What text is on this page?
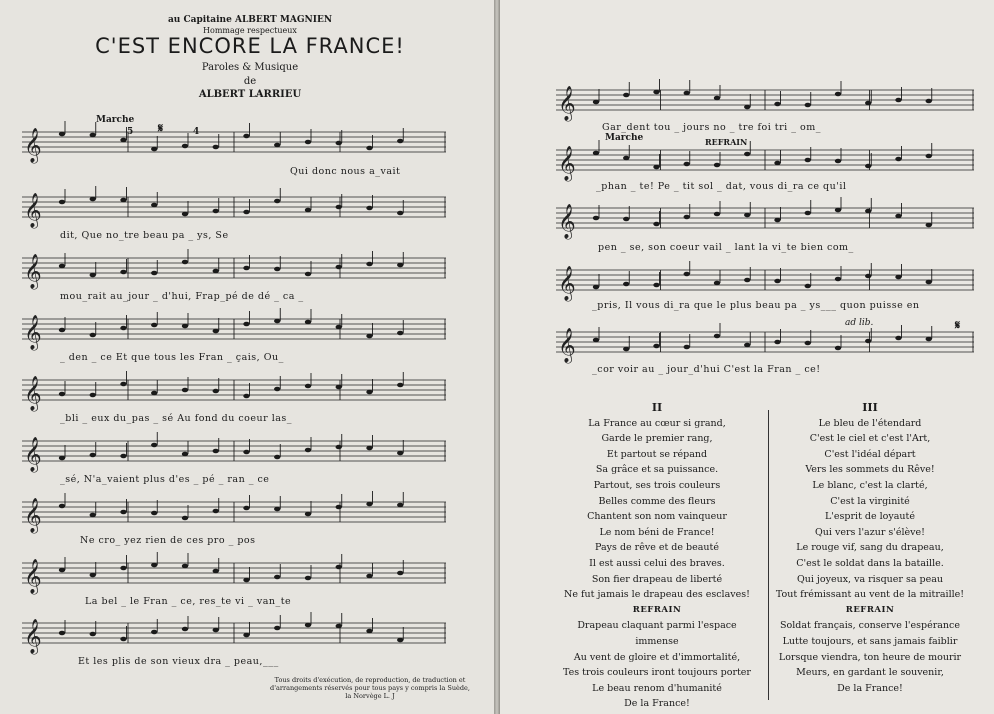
au Capitaine ALBERT MAGNIEN
Hommage respectueux
C'EST ENCORE LA FRANCE!
Paroles & Musique
de
ALBERT LARRIEU
Marche
5 𝄋	4
Qui donc nous a_vait
dit, Que no_tre beau pa _ ys, Se
mou_rait au_jour _ d'hui, Frap_pé de dé _ ca _
_ den _ ce Et que tous les Fran _ çais, Ou_
_bli _ eux du_pas _ sé Au fond du coeur las_
_sé, N'a_vaient plus d'es _ pé _ ran _ ce
Ne cro_ yez rien de ces pro _ pos
La bel _ le Fran _ ce, res_te vi _ van_te
Et les plis de son vieux dra _ peau,___
Tous droits d'exécution, de reproduction, de traduction et d'arrangements réservés pour tous pays y compris la Suède, la Norvège L. J
Marche	REFRAIN
ad lib.	𝄋
Gar_dent tou _ jours no _ tre foi tri _ om_
_phan _ te! Pe _ tit sol _ dat, vous di_ra ce qu'il
pen _ se, son coeur vail _ lant la vi_te bien com_
_pris, Il vous di_ra que le plus beau pa _ ys___ quon puisse en
_cor voir au _ jour_d'hui C'est la Fran _ ce!
II
La France au cœur si grand,
Garde le premier rang,
Et partout se répand
Sa grâce et sa puissance.
Partout, ses trois couleurs
Belles comme des fleurs
Chantent son nom vainqueur
Le nom béni de France!
Pays de rêve et de beauté
Il est aussi celui des braves.
Son fier drapeau de liberté
Ne fut jamais le drapeau des esclaves!
REFRAIN
Drapeau claquant parmi l'espace immense
Au vent de gloire et d'immortalité,
Tes trois couleurs iront toujours porter
Le beau renom d'humanité
De la France!
III
Le bleu de l'étendard
C'est le ciel et c'est l'Art,
C'est l'idéal départ
Vers les sommets du Rêve!
Le blanc, c'est la clarté,
C'est la virginité
L'esprit de loyauté
Qui vers l'azur s'élève!
Le rouge vif, sang du drapeau,
C'est le soldat dans la bataille.
Qui joyeux, va risquer sa peau
Tout frémissant au vent de la mitraille!
REFRAIN
Soldat français, conserve l'espérance
Lutte toujours, et sans jamais faiblir
Lorsque viendra, ton heure de mourir
Meurs, en gardant le souvenir,
De la France!
𝄞
𝄞
𝄞
𝄞
𝄞
𝄞
𝄞
𝄞
𝄞
𝄞
𝄞
𝄞
𝄞
𝄞
